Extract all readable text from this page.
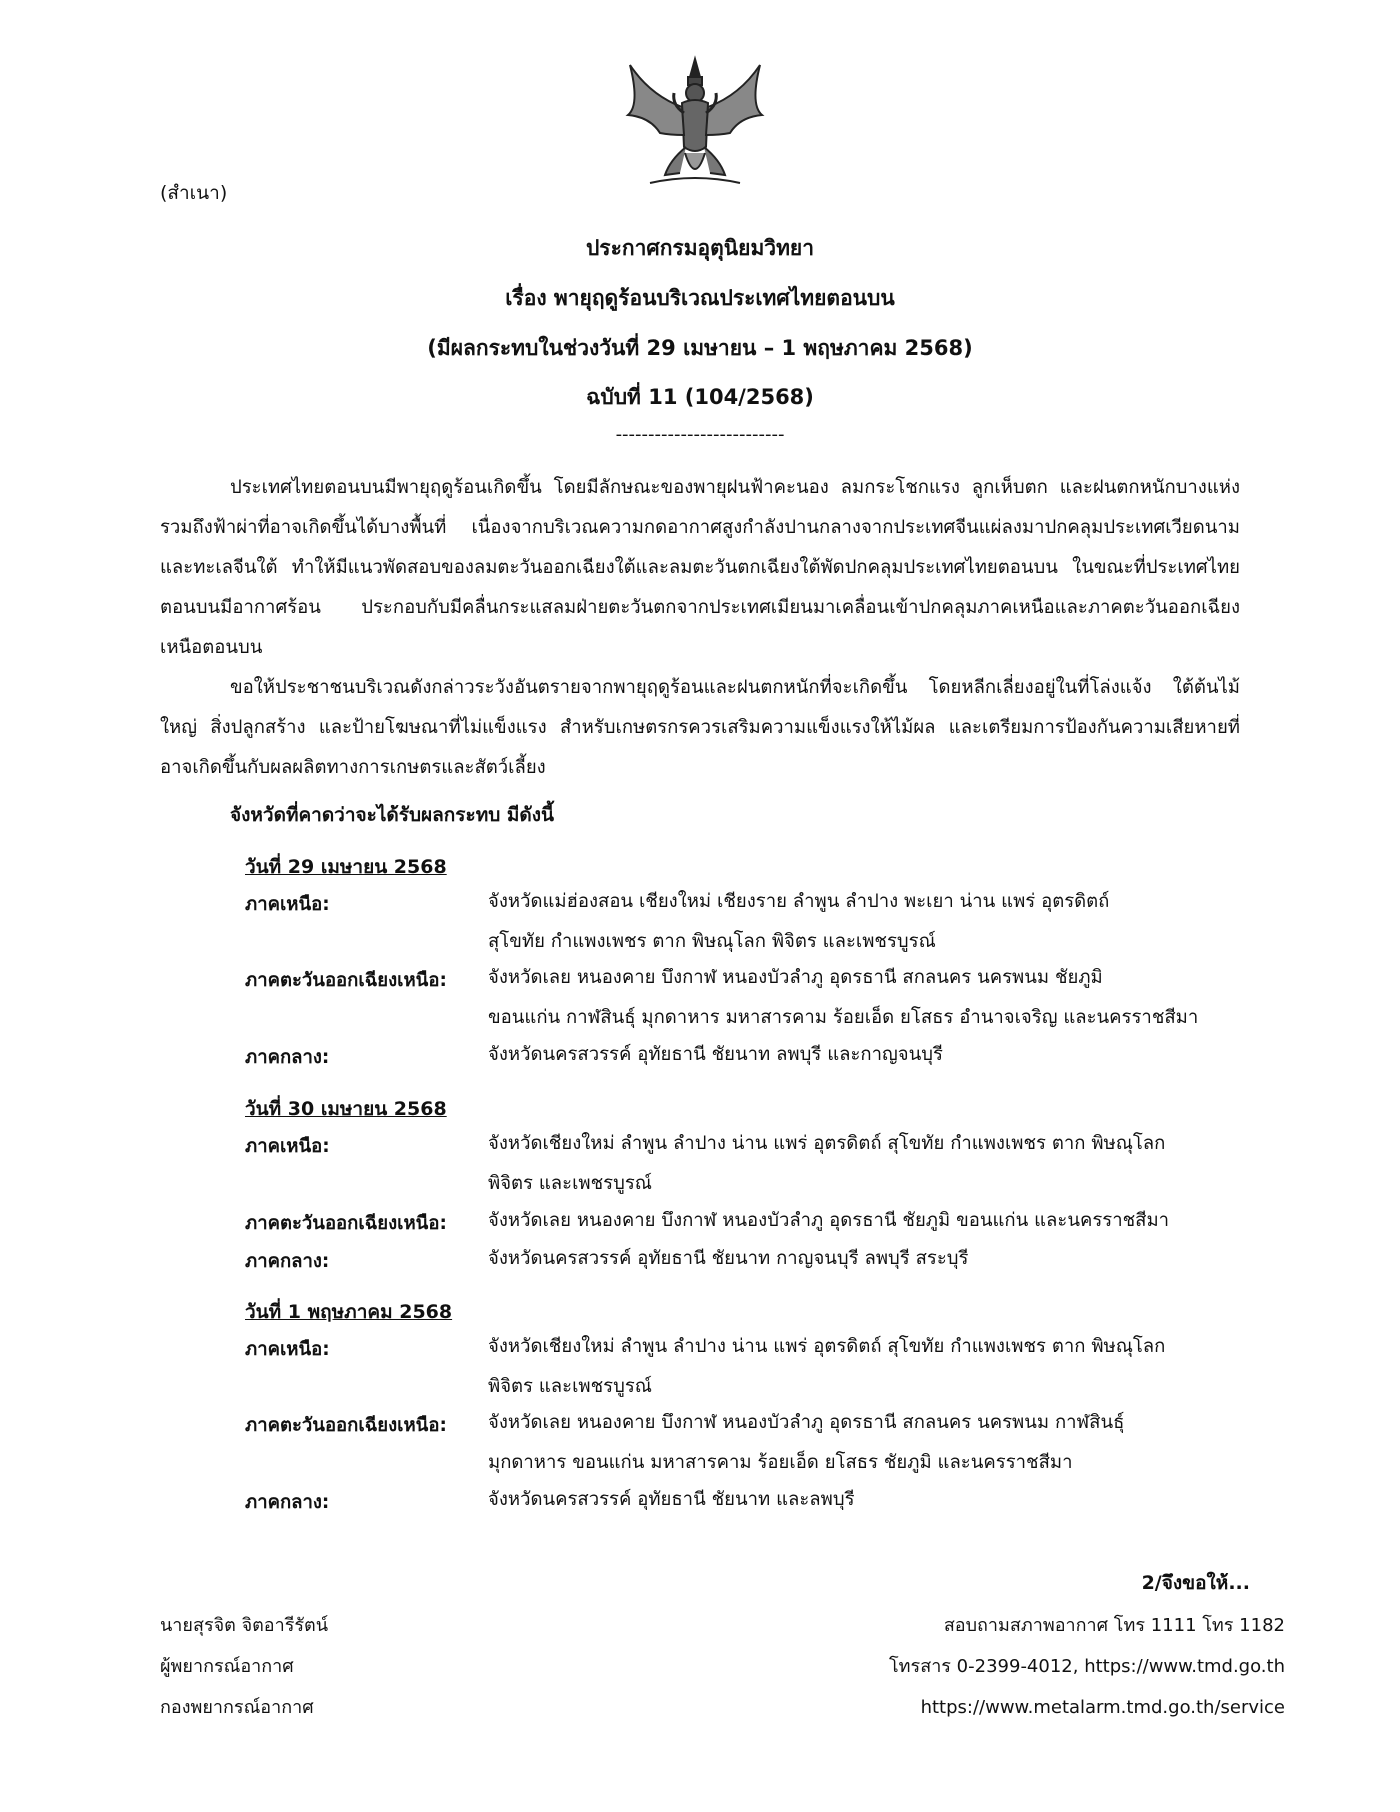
(สำเนา)
ประกาศกรมอุตุนิยมวิทยา
เรื่อง พายุฤดูร้อนบริเวณประเทศไทยตอนบน
(มีผลกระทบในช่วงวันที่ 29 เมษายน – 1 พฤษภาคม 2568)
ฉบับที่ 11 (104/2568)
--------------------------

ประเทศไทยตอนบนมีพายุฤดูร้อนเกิดขึ้น โดยมีลักษณะของพายุฝนฟ้าคะนอง ลมกระโชกแรง ลูกเห็บตก และฝนตกหนักบางแห่ง รวมถึงฟ้าผ่าที่อาจเกิดขึ้นได้บางพื้นที่ เนื่องจากบริเวณความกดอากาศสูงกำลังปานกลางจากประเทศจีนแผ่ลงมาปกคลุมประเทศเวียดนามและทะเลจีนใต้ ทำให้มีแนวพัดสอบของลมตะวันออกเฉียงใต้และลมตะวันตกเฉียงใต้พัดปกคลุมประเทศไทยตอนบน ในขณะที่ประเทศไทยตอนบนมีอากาศร้อน ประกอบกับมีคลื่นกระแสลมฝ่ายตะวันตกจากประเทศเมียนมาเคลื่อนเข้าปกคลุมภาคเหนือและภาคตะวันออกเฉียงเหนือตอนบน

ขอให้ประชาชนบริเวณดังกล่าวระวังอันตรายจากพายุฤดูร้อนและฝนตกหนักที่จะเกิดขึ้น โดยหลีกเลี่ยงอยู่ในที่โล่งแจ้ง ใต้ต้นไม้ใหญ่ สิ่งปลูกสร้าง และป้ายโฆษณาที่ไม่แข็งแรง สำหรับเกษตรกรควรเสริมความแข็งแรงให้ไม้ผล และเตรียมการป้องกันความเสียหายที่อาจเกิดขึ้นกับผลผลิตทางการเกษตรและสัตว์เลี้ยง

จังหวัดที่คาดว่าจะได้รับผลกระทบ มีดังนี้
วันที่ 29 เมษายน 2568
ภาคเหนือ:	จังหวัดแม่ฮ่องสอน เชียงใหม่ เชียงราย ลำพูน ลำปาง พะเยา น่าน แพร่ อุตรดิตถ์
สุโขทัย กำแพงเพชร ตาก พิษณุโลก พิจิตร และเพชรบูรณ์
ภาคตะวันออกเฉียงเหนือ: จังหวัดเลย หนองคาย บึงกาฬ หนองบัวลำภู อุดรธานี สกลนคร นครพนม ชัยภูมิ
ขอนแก่น กาฬสินธุ์ มุกดาหาร มหาสารคาม ร้อยเอ็ด ยโสธร อำนาจเจริญ และนครราชสีมา
ภาคกลาง:	จังหวัดนครสวรรค์ อุทัยธานี ชัยนาท ลพบุรี และกาญจนบุรี
วันที่ 30 เมษายน 2568
ภาคเหนือ:	จังหวัดเชียงใหม่ ลำพูน ลำปาง น่าน แพร่ อุตรดิตถ์ สุโขทัย กำแพงเพชร ตาก พิษณุโลก
พิจิตร และเพชรบูรณ์
ภาคตะวันออกเฉียงเหนือ: จังหวัดเลย หนองคาย บึงกาฬ หนองบัวลำภู อุดรธานี ชัยภูมิ ขอนแก่น และนครราชสีมา
ภาคกลาง:	จังหวัดนครสวรรค์ อุทัยธานี ชัยนาท กาญจนบุรี ลพบุรี สระบุรี
วันที่ 1 พฤษภาคม 2568
ภาคเหนือ:	จังหวัดเชียงใหม่ ลำพูน ลำปาง น่าน แพร่ อุตรดิตถ์ สุโขทัย กำแพงเพชร ตาก พิษณุโลก
พิจิตร และเพชรบูรณ์
ภาคตะวันออกเฉียงเหนือ: จังหวัดเลย หนองคาย บึงกาฬ หนองบัวลำภู อุดรธานี สกลนคร นครพนม กาฬสินธุ์
มุกดาหาร ขอนแก่น มหาสารคาม ร้อยเอ็ด ยโสธร ชัยภูมิ และนครราชสีมา
ภาคกลาง:	จังหวัดนครสวรรค์ อุทัยธานี ชัยนาท และลพบุรี
2/จึงขอให้...
นายสุรจิต จิตอารีรัตน์
ผู้พยากรณ์อากาศ
กองพยากรณ์อากาศ
สอบถามสภาพอากาศ โทร 1111 โทร 1182
โทรสาร 0-2399-4012, https://www.tmd.go.th
https://www.metalarm.tmd.go.th/service
